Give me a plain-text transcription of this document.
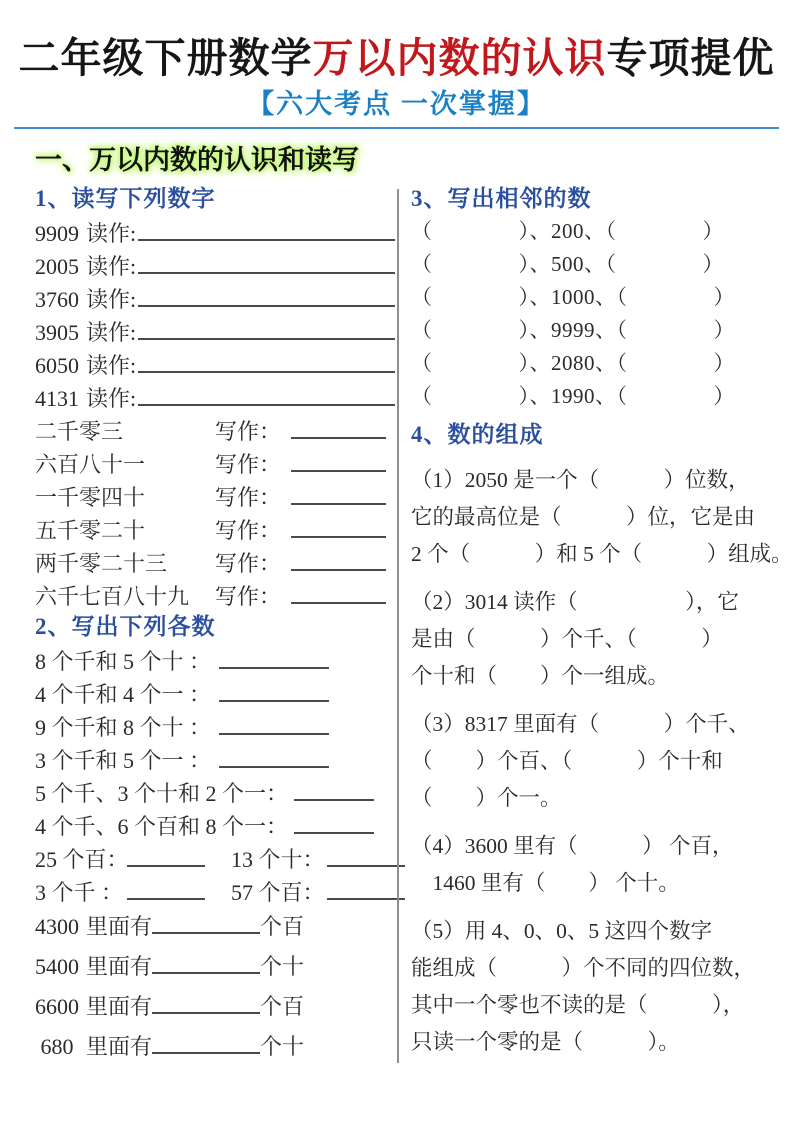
二年级下册数学万以内数的认识专项提优
【六大考点 一次掌握】
一、万以内数的认识和读写
1、读写下列数字
9909 读作:
2005 读作:
3760 读作:
3905 读作:
6050 读作:
4131 读作:
二千零三	写作：
六百八十一	写作：
一千零四十	写作：
五千零二十	写作：
两千零二十三	写作：
六千七百八十九	写作：
2、写出下列各数
8 个千和 5 个十 ：
4 个千和 4 个一 ：
9 个千和 8 个十 ：
3 个千和 5 个一 ：
5 个千、3 个十和 2 个一：
4 个千、6 个百和 8 个一：
25 个百：	13 个十：
3 个千 ：	57 个百：
4300 里面有	个百
5400 里面有	个十
6600 里面有	个百
680 里面有	个十
3、写出相邻的数
（　　　　）、200、（　　　　）
（　　　　）、500、（　　　　）
（　　　　）、1000、（　　　　）
（　　　　）、9999、（　　　　）
（　　　　）、2080、（　　　　）
（　　　　）、1990、（　　　　）
4、数的组成
（1）2050 是一个（　　　）位数，
它的最高位是（　　　）位，它是由
2 个（　　　）和 5 个（　　　）组成。
（2）3014 读作（　　　　　），它
是由（　　　）个千、（　　　）
个十和（　　）个一组成。
（3）8317 里面有（　　　）个千、
（　　）个百、（　　　）个十和
（　　）个一。
（4）3600 里有（　　　） 个百，
　1460 里有（　　） 个十。
（5）用 4、0、0、5 这四个数字
能组成（　　　）个不同的四位数，
其中一个零也不读的是（　　　），
只读一个零的是（　　　）。
